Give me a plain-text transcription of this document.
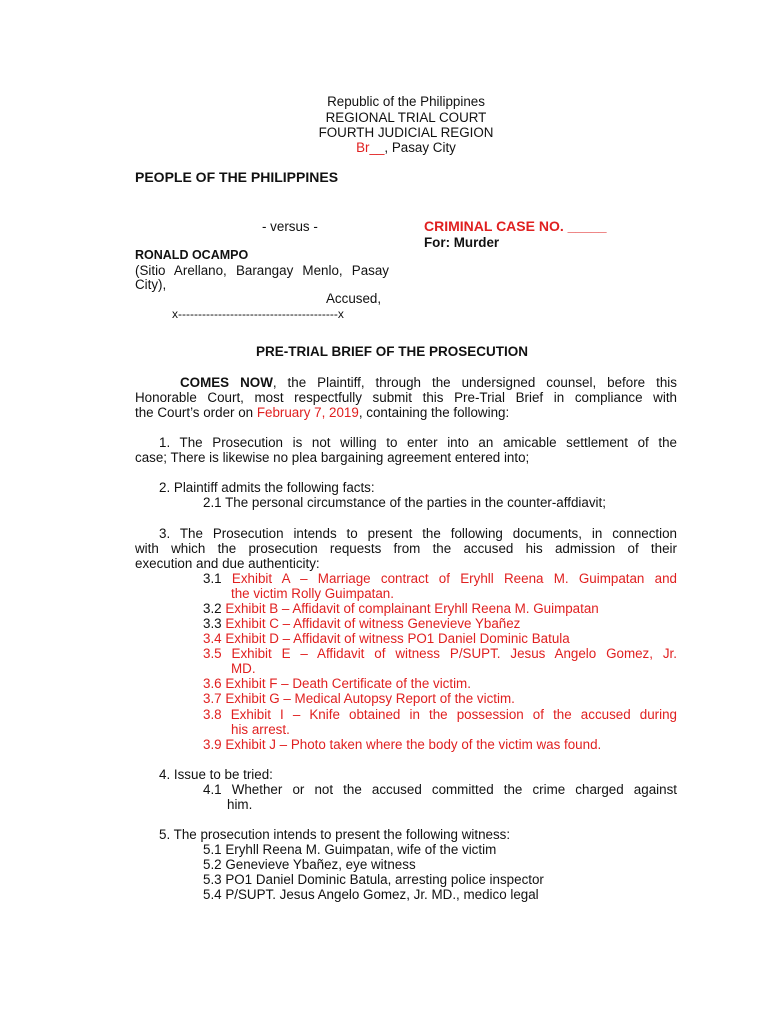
Republic of the Philippines
REGIONAL TRIAL COURT
FOURTH JUDICIAL REGION
Br__, Pasay City
PEOPLE OF THE PHILIPPINES
- versus -	CRIMINAL CASE NO. _____
For: Murder
RONALD OCAMPO
(Sitio Arellano, Barangay Menlo, Pasay
City),
Accused,
x----------------------------------------x
PRE-TRIAL BRIEF OF THE PROSECUTION
COMES NOW, the Plaintiff, through the undersigned counsel, before this
Honorable Court, most respectfully submit this Pre-Trial Brief in compliance with
the Court’s order on February 7, 2019, containing the following:
1. The Prosecution is not willing to enter into an amicable settlement of the
case; There is likewise no plea bargaining agreement entered into;
2. Plaintiff admits the following facts:
2.1 The personal circumstance of the parties in the counter-affdiavit;
3. The Prosecution intends to present the following documents, in connection
with which the prosecution requests from the accused his admission of their
execution and due authenticity:
3.1 Exhibit A – Marriage contract of Eryhll Reena M. Guimpatan and
the victim Rolly Guimpatan.
3.2 Exhibit B – Affidavit of complainant Eryhll Reena M. Guimpatan
3.3 Exhibit C – Affidavit of witness Genevieve Ybañez
3.4 Exhibit D – Affidavit of witness PO1 Daniel Dominic Batula
3.5 Exhibit E – Affidavit of witness P/SUPT. Jesus Angelo Gomez, Jr.
MD.
3.6 Exhibit F – Death Certificate of the victim.
3.7 Exhibit G – Medical Autopsy Report of the victim.
3.8 Exhibit I – Knife obtained in the possession of the accused during
his arrest.
3.9 Exhibit J – Photo taken where the body of the victim was found.
4. Issue to be tried:
4.1 Whether or not the accused committed the crime charged against
him.
5. The prosecution intends to present the following witness:
5.1 Eryhll Reena M. Guimpatan, wife of the victim
5.2 Genevieve Ybañez, eye witness
5.3 PO1 Daniel Dominic Batula, arresting police inspector
5.4 P/SUPT. Jesus Angelo Gomez, Jr. MD., medico legal
